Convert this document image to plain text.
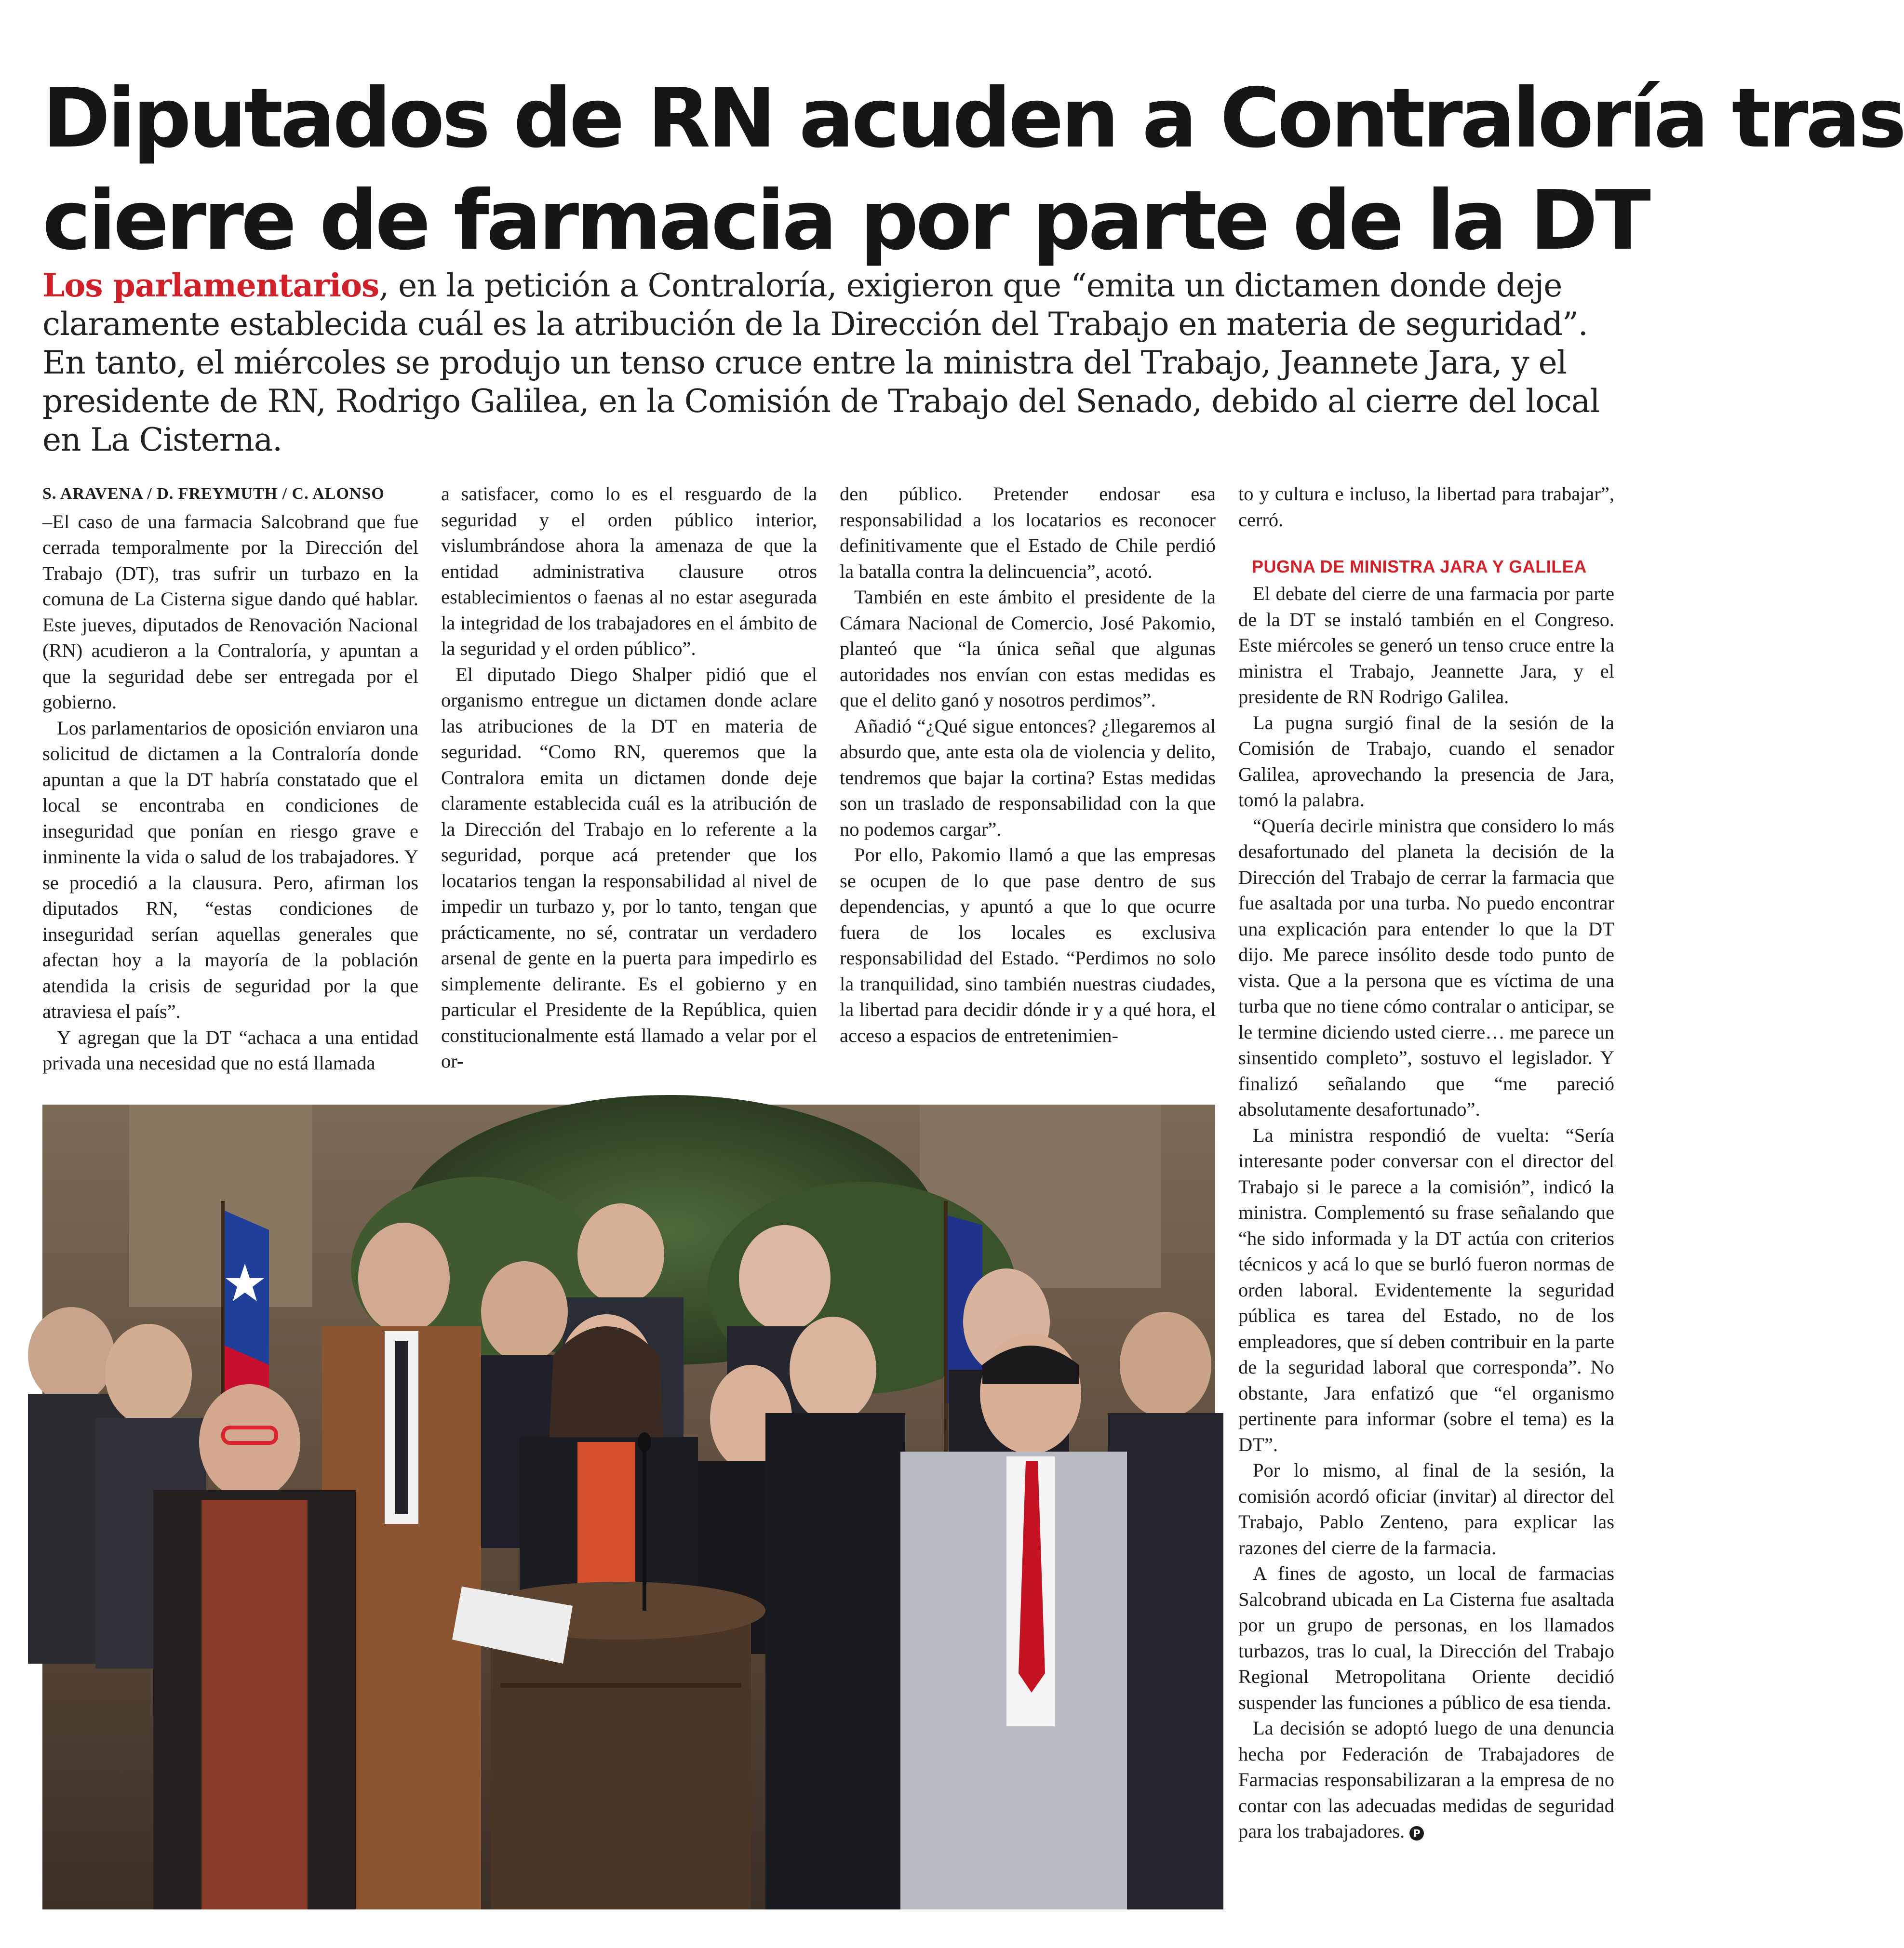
Diputados de RN acuden a Contraloría tras
cierre de farmacia por parte de la DT

Los parlamentarios, en la petición a Contraloría, exigieron que “emita un dictamen donde deje claramente establecida cuál es la atribución de la Dirección del Trabajo en materia de seguridad”. En tanto, el miércoles se produjo un tenso cruce entre la ministra del Trabajo, Jeannete Jara, y el presidente de RN, Rodrigo Galilea, en la Comisión de Trabajo del Senado, debido al cierre del local en La Cisterna.

S. ARAVENA / D. FREYMUTH / C. ALONSO

–El caso de una farmacia Salcobrand que fue cerrada temporalmente por la Dirección del Trabajo (DT), tras sufrir un turbazo en la comuna de La Cisterna sigue dando qué hablar. Este jueves, diputados de Renovación Nacional (RN) acudieron a la Contraloría, y apuntan a que la seguridad debe ser entregada por el gobierno.

Los parlamentarios de oposición enviaron una solicitud de dictamen a la Contraloría donde apuntan a que la DT habría constatado que el local se encontraba en condiciones de inseguridad que ponían en riesgo grave e inminente la vida o salud de los trabajadores. Y se procedió a la clausura. Pero, afirman los diputados RN, “estas condiciones de inseguridad serían aquellas generales que afectan hoy a la mayoría de la población atendida la crisis de seguridad por la que atraviesa el país”.

Y agregan que la DT “achaca a una entidad privada una necesidad que no está llamada

a satisfacer, como lo es el resguardo de la seguridad y el orden público interior, vislumbrándose ahora la amenaza de que la entidad administrativa clausure otros establecimientos o faenas al no estar asegurada la integridad de los trabajadores en el ámbito de la seguridad y el orden público”.

El diputado Diego Shalper pidió que el organismo entregue un dictamen donde aclare las atribuciones de la DT en materia de seguridad. “Como RN, queremos que la Contralora emita un dictamen donde deje claramente establecida cuál es la atribución de la Dirección del Trabajo en lo referente a la seguridad, porque acá pretender que los locatarios tengan la responsabilidad al nivel de impedir un turbazo y, por lo tanto, tengan que prácticamente, no sé, contratar un verdadero arsenal de gente en la puerta para impedirlo es simplemente delirante. Es el gobierno y en particular el Presidente de la República, quien constitucionalmente está llamado a velar por el or-

den público. Pretender endosar esa responsabilidad a los locatarios es reconocer definitivamente que el Estado de Chile perdió la batalla contra la delincuencia”, acotó.

También en este ámbito el presidente de la Cámara Nacional de Comercio, José Pakomio, planteó que “la única señal que algunas autoridades nos envían con estas medidas es que el delito ganó y nosotros perdimos”.

Añadió “¿Qué sigue entonces? ¿llegaremos al absurdo que, ante esta ola de violencia y delito, tendremos que bajar la cortina? Estas medidas son un traslado de responsabilidad con la que no podemos cargar”.

Por ello, Pakomio llamó a que las empresas se ocupen de lo que pase dentro de sus dependencias, y apuntó a que lo que ocurre fuera de los locales es exclusiva responsabilidad del Estado. “Perdimos no solo la tranquilidad, sino también nuestras ciudades, la libertad para decidir dónde ir y a qué hora, el acceso a espacios de entretenimien-

to y cultura e incluso, la libertad para trabajar”, cerró.

PUGNA DE MINISTRA JARA Y GALILEA

El debate del cierre de una farmacia por parte de la DT se instaló también en el Congreso. Este miércoles se generó un tenso cruce entre la ministra el Trabajo, Jeannette Jara, y el presidente de RN Rodrigo Galilea.

La pugna surgió final de la sesión de la Comisión de Trabajo, cuando el senador Galilea, aprovechando la presencia de Jara, tomó la palabra.

“Quería decirle ministra que considero lo más desafortunado del planeta la decisión de la Dirección del Trabajo de cerrar la farmacia que fue asaltada por una turba. No puedo encontrar una explicación para entender lo que la DT dijo. Me parece insólito desde todo punto de vista. Que a la persona que es víctima de una turba que no tiene cómo contralar o anticipar, se le termine diciendo usted cierre… me parece un sinsentido completo”, sostuvo el legislador. Y finalizó señalando que “me pareció absolutamente desafortunado”.

La ministra respondió de vuelta: “Sería interesante poder conversar con el director del Trabajo si le parece a la comisión”, indicó la ministra. Complementó su frase señalando que “he sido informada y la DT actúa con criterios técnicos y acá lo que se burló fueron normas de orden laboral. Evidentemente la seguridad pública es tarea del Estado, no de los empleadores, que sí deben contribuir en la parte de la seguridad laboral que corresponda”. No obstante, Jara enfatizó que “el organismo pertinente para informar (sobre el tema) es la DT”.

Por lo mismo, al final de la sesión, la comisión acordó oficiar (invitar) al director del Trabajo, Pablo Zenteno, para explicar las razones del cierre de la farmacia.

A fines de agosto, un local de farmacias Salcobrand ubicada en La Cisterna fue asaltada por un grupo de personas, en los llamados turbazos, tras lo cual, la Dirección del Trabajo Regional Metropolitana Oriente decidió suspender las funciones a público de esa tienda.

La decisión se adoptó luego de una denuncia hecha por Federación de Trabajadores de Farmacias responsabilizaran a la empresa de no contar con las adecuadas medidas de seguridad para los trabajadores. P
